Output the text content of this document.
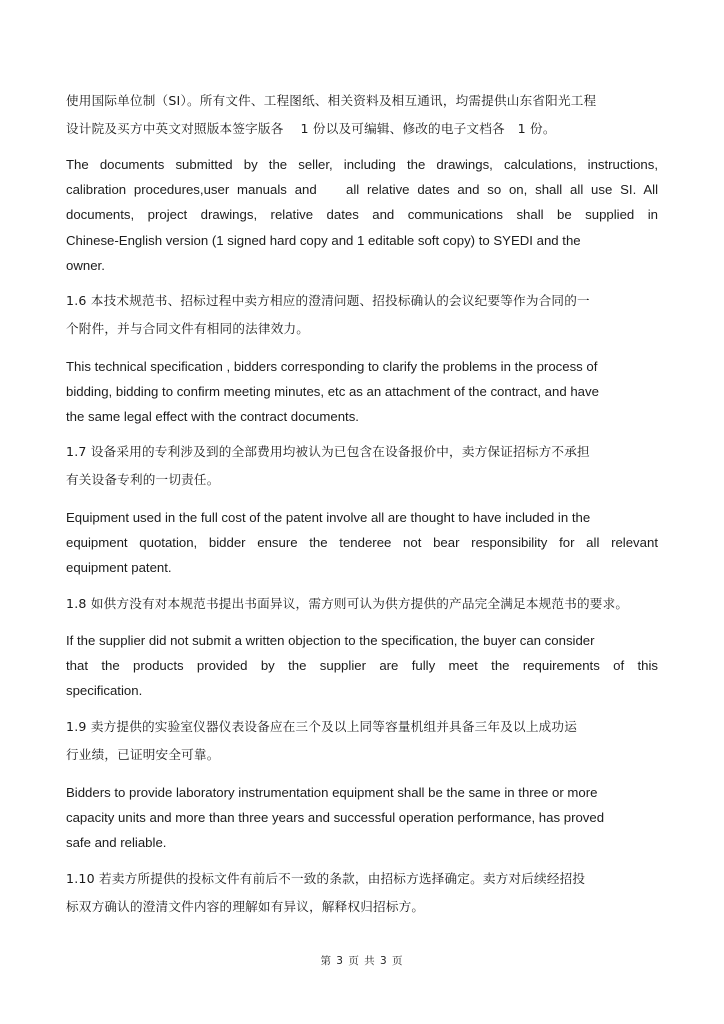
使用国际单位制（SI）。所有文件、工程图纸、相关资料及相互通讯，均需提供山东省阳光工程
设计院及买方中英文对照版本签字版各　 1 份以及可编辑、修改的电子文档各　1 份。
The documents submitted by the seller, including the drawings, calculations, instructions,
calibration procedures,user manuals and　 all relative dates and so on, shall all use SI. All
documents, project drawings, relative dates and communications shall be supplied in
Chinese-English version (1 signed hard copy and 1 editable soft copy) to SYEDI and the
owner.
1.6 本技术规范书、招标过程中卖方相应的澄清问题、招投标确认的会议纪要等作为合同的一
个附件，并与合同文件有相同的法律效力。
This technical specification , bidders corresponding to clarify the problems in the process of
bidding, bidding to confirm meeting minutes, etc as an attachment of the contract, and have
the same legal effect with the contract documents.
1.7 设备采用的专利涉及到的全部费用均被认为已包含在设备报价中，卖方保证招标方不承担
有关设备专利的一切责任。
Equipment used in the full cost of the patent involve all are thought to have included in the
equipment quotation, bidder ensure the tenderee not bear responsibility for all relevant
equipment patent.
1.8 如供方没有对本规范书提出书面异议，需方则可认为供方提供的产品完全满足本规范书的要求。
If the supplier did not submit a written objection to the specification, the buyer can consider
that the products provided by the supplier are fully meet the requirements of this
specification.
1.9 卖方提供的实验室仪器仪表设备应在三个及以上同等容量机组并具备三年及以上成功运
行业绩，已证明安全可靠。
Bidders to provide laboratory instrumentation equipment shall be the same in three or more
capacity units and more than three years and successful operation performance, has proved
safe and reliable.
1.10 若卖方所提供的投标文件有前后不一致的条款，由招标方选择确定。卖方对后续经招投
标双方确认的澄清文件内容的理解如有异议，解释权归招标方。
第 3 页 共 3 页
